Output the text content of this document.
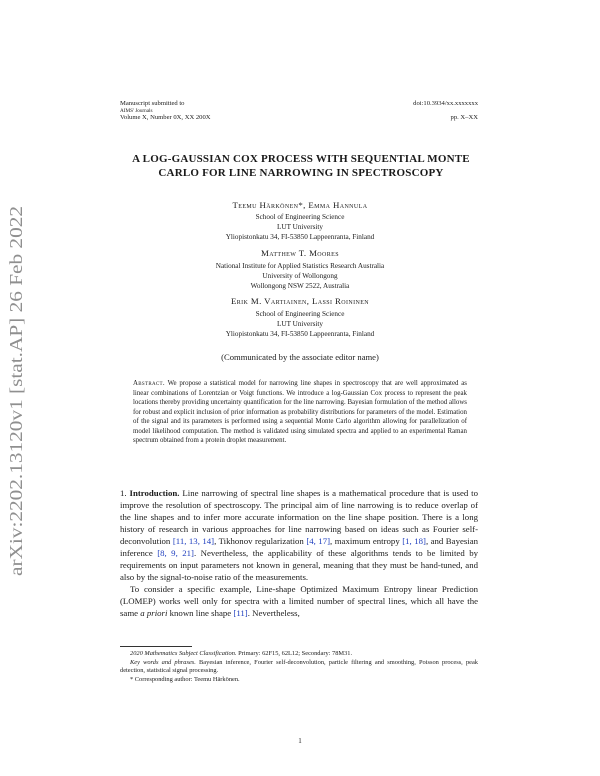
arXiv:2202.13120v1 [stat.AP] 26 Feb 2022
Manuscript submitted to
AIMS' Journals
Volume X, Number 0X, XX 200X
doi:10.3934/xx.xxxxxxx
pp. X–XX
A LOG-GAUSSIAN COX PROCESS WITH SEQUENTIAL MONTE
CARLO FOR LINE NARROWING IN SPECTROSCOPY
Teemu Härkönen*, Emma Hannula
School of Engineering Science
LUT University
Yliopistonkatu 34, FI-53850 Lappeenranta, Finland
Matthew T. Moores
National Institute for Applied Statistics Research Australia
University of Wollongong
Wollongong NSW 2522, Australia
Erik M. Vartiainen, Lassi Roininen
School of Engineering Science
LUT University
Yliopistonkatu 34, FI-53850 Lappeenranta, Finland
(Communicated by the associate editor name)
Abstract. We propose a statistical model for narrowing line shapes in spectroscopy that are well approximated as linear combinations of Lorentzian or Voigt functions. We introduce a log-Gaussian Cox process to represent the peak locations thereby providing uncertainty quantification for the line narrowing. Bayesian formulation of the method allows for robust and explicit inclusion of prior information as probability distributions for parameters of the model. Estimation of the signal and its parameters is performed using a sequential Monte Carlo algorithm allowing for parallelization of model likelihood computation. The method is validated using simulated spectra and applied to an experimental Raman spectrum obtained from a protein droplet measurement.

1. Introduction. Line narrowing of spectral line shapes is a mathematical procedure that is used to improve the resolution of spectroscopy. The principal aim of line narrowing is to reduce overlap of the line shapes and to infer more accurate information on the line shape position. There is a long history of research in various approaches for line narrowing based on ideas such as Fourier self-deconvolution [11, 13, 14], Tikhonov regularization [4, 17], maximum entropy [1, 18], and Bayesian inference [8, 9, 21]. Nevertheless, the applicability of these algorithms tends to be limited by requirements on input parameters not known in general, meaning that they must be hand-tuned, and also by the signal-to-noise ratio of the measurements.

To consider a specific example, Line-shape Optimized Maximum Entropy linear Prediction (LOMEP) works well only for spectra with a limited number of spectral lines, which all have the same a priori known line shape [11]. Nevertheless,

2020 Mathematics Subject Classification. Primary: 62F15, 62L12; Secondary: 78M31.

Key words and phrases. Bayesian inference, Fourier self-deconvolution, particle filtering and smoothing, Poisson process, peak detection, statistical signal processing.

* Corresponding author: Teemu Härkönen.

1
